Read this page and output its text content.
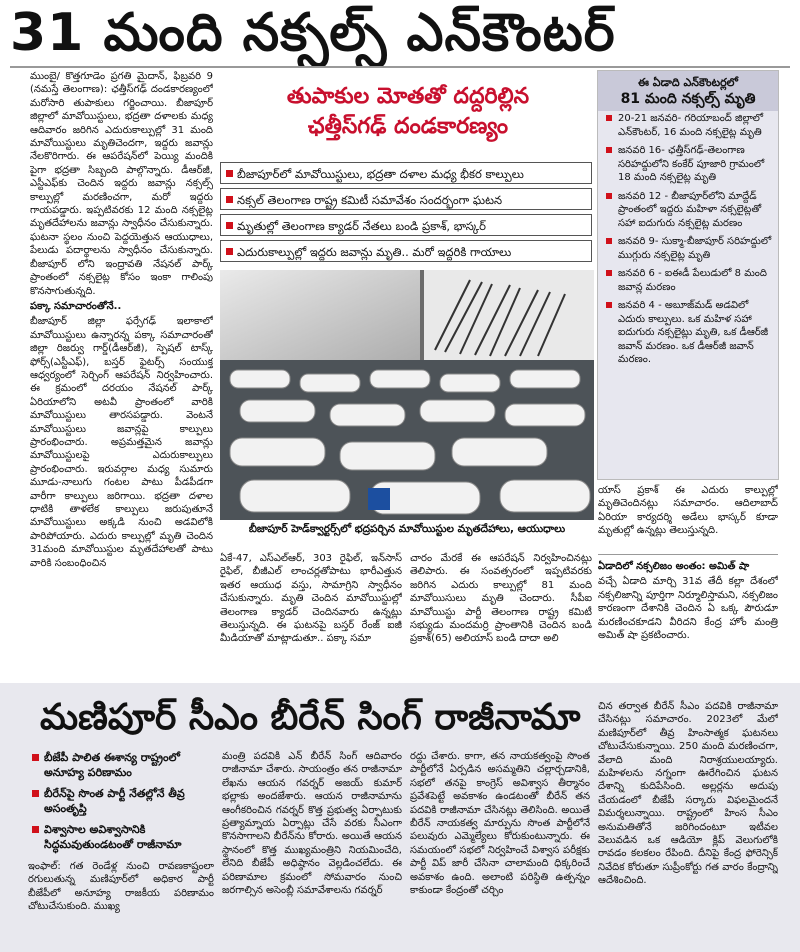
31 మంది నక్సల్స్ ఎన్‌కౌంటర్

ముంబై/ కొత్తగూడెం ప్రగతి మైదాన్, ఫిబ్రవరి 9 (నమస్తే తెలంగాణ): ఛత్తీస్‌గఢ్ దండకారణ్యంలో మరోసారి తుపాకులు గర్జించాయి. బీజాపూర్ జిల్లాలో మావోయిస్టులు, భద్రతా దళాలకు మధ్య ఆదివారం జరిగిన ఎదురుకాల్పుల్లో 31 మంది మావోయిస్టులు మృతిచెందగా, ఇద్దరు జవాన్లు నేలకొరిగారు. ఈ ఆపరేషన్‌లో పెయ్యి మందికి పైగా భద్రతా సిబ్బంది పాల్గొన్నారు. డీఆర్‌జీ, ఎస్టీఎఫ్‌కు చెందిన ఇద్దరు జవాన్లు నక్సల్స్ కాల్పుల్లో మరణించగా, మరో ఇద్దరు గాయపడ్డారు. ఇప్పటివరకు 12 మంది నక్సలైట్ల మృతదేహాలను జవాన్లు స్వాధీనం చేసుకున్నారు. ఘటనా స్థలం నుంచి పెద్దయెత్తున ఆయుధాలు, పేలుడు పదార్థాలను స్వాధీనం చేసుకున్నారు. బీజాపూర్ లోని ఇంద్రావతి నేషనల్ పార్క్ ప్రాంతంలో నక్సలైట్ల కోసం ఇంకా గాలింపు కొనసాగుతున్నది.

పక్కా సమాచారంతోనే..

బీజాపూర్ జిల్లా ఫర్సేగఢ్ ఇలాకాలో మావోయిస్టులు ఉన్నారన్న పక్కా సమాచారంతో జిల్లా రిజర్వు గార్డ్(డీఆర్‌జీ), స్పెషల్ టాస్క్ ఫోర్స్(ఎస్టీఎఫ్), బస్తర్ ఫైటర్స్ సంయుక్త ఆధ్వర్యంలో సెర్చింగ్ ఆపరేషన్ నిర్వహించారు. ఈ క్రమంలో దరయం నేషనల్ పార్క్ ఏరియాలోని అటవీ ప్రాంతంలో వారికి మావోయిస్టులు తారసపడ్డారు. వెంటనే మావోయిస్టులు జవాన్లపై కాల్పులు ప్రారంభించారు. అప్రమత్తమైన జవాన్లు మావోయిస్టులపై ఎదురుకాల్పులు ప్రారంభించారు. ఇరువర్గాల మధ్య సుమారు మూడు-నాలుగు గంటల పాటు పీడపీడగా వారీగా కాల్పులు జరిగాయి. భద్రతా దళాల ధాటికి తాళలేక కాల్పులు జరుపుతూనే మావోయిస్టులు అక్కడి నుంచి అడవిలోకి పారిపోయారు. ఎదురు కాల్పుల్లో మృతి చెందిన 31మంది మావోయిస్టుల మృతదేహాలతో పాటు వారికి సంబంధించిన

తుపాకుల మోతతో దద్దరిల్లిన
ఛత్తీస్‌గఢ్ దండకారణ్యం
బీజాపూర్‌లో మావోయిస్టులు, భద్రతా దళాల మధ్య భీకర కాల్పులు
నక్సల్ తెలంగాణ రాష్ట్ర కమిటీ సమావేశం సందర్భంగా ఘటన
మృతుల్లో తెలంగాణ క్యాడర్ నేతలు బండి ప్రకాశ్, భాస్కర్
ఎదురుకాల్పుల్లో ఇద్దరు జవాన్లు మృతి.. మరో ఇద్దరికి గాయాలు
బీజాపూర్ హెడ్‌క్వార్టర్స్‌లో భద్రపర్చిన మావోయిస్టుల మృతదేహాలు, ఆయుధాలు
ఈ ఏడాది ఎన్‌కౌంటర్లలో
81 మంది నక్సల్స్ మృతి
20-21 జనవరి- గరియాబంద్ జిల్లాలో ఎన్‌కౌంటర్, 16 మంది నక్సలైట్ల మృతి
జనవరి 16- ఛత్తీస్‌గఢ్-తెలంగాణ సరిహద్దులోని కంకేర్ పూజారి గ్రామంలో 18 మంది నక్సలైట్ల మృతి
జనవరి 12 - బీజాపూర్‌లోని మాద్దేడ్ ప్రాంతంలో ఇద్దరు మహిళా నక్సలైట్లతో సహా ఐదుగురు నక్సలైట్ల మరణం
జనవరి 9- సుక్మా-బీజాపూర్ సరిహద్దులో ముగ్గురు నక్సలైట్ల మృతి
జనవరి 6 - ఐఈడీ పేలుడులో 8 మంది జవాన్ల మరణం
జనవరి 4 - అబూజ్‌మడ్ అడవిలో ఎదురు కాల్పులు. ఒక మహిళ సహా ఐదుగురు నక్సలైట్లు మృతి, ఒక డీఆర్‌జీ జవాన్ మరణం. ఒక డీఆర్‌జీ జవాన్ మరణం.
యాస్ ప్రకాశ్ ఈ ఎదురు కాల్పుల్లో మృతిచెందినట్లు సమాచారం. ఆదిలాబాద్ ఏరియా కార్యదర్శి అడేలు భాస్కర్ కూడా మృతుల్లో ఉన్నట్లు తెలుస్తున్నది.

ఏడాదిలో నక్సలిజం అంతం: అమిత్ షా

వచ్చే ఏడాది మార్చి 31వ తేదీ కల్లా దేశంలో నక్సలిజాన్ని పూర్తిగా నిర్మూలిస్తామని, నక్సలిజం కారణంగా దేశానికి చెందిన ఏ ఒక్క పౌరుడూ మరణించకూడని వీరిదని కేంద్ర హోం మంత్రి అమిత్ షా ప్రకటించారు.

ఏకే-47, ఎస్ఎల్ఆర్, 303 రైఫిల్, ఇన్‌సాస్ రైఫిల్, బీజీఎల్ లాంచర్లతోపాటు భారీఎత్తున ఇతర ఆయుధ వస్తు, సామాగ్రిని స్వాధీనం చేసుకున్నారు. మృతి చెందిన మావోయిస్టుల్లో తెలంగాణ క్యాడర్ చెందినవారు ఉన్నట్లు తెలుస్తున్నది. ఈ ఘటనపై బస్తర్ రేంజ్ ఐజీ మీడియాతో మాట్లాడుతూ.. పక్కా సమా
చారం మేరకే ఈ ఆపరేషన్ నిర్వహించినట్లు తెలిపారు. ఈ సంవత్సరంలో ఇప్పటివరకు జరిగిన ఎదురు కాల్పుల్లో 81 మంది మావోయిసులు మృతి చెందారు. సీపీఐ మావోయిస్టు పార్టీ తెలంగాణ రాష్ట్ర కమిటీ సభ్యుడు మందమర్రి ప్రాంతానికి చెందిన బండి ప్రకాశ్(65) అలియాస్ బండి దాదా అలి
మణిపూర్ సీఎం బీరేన్ సింగ్ రాజీనామా
బీజేపీ పాలిత ఈశాన్య రాష్ట్రంలో అనూహ్య పరిణామం
బీరేన్‌పై సొంత పార్టీ నేతల్లోనే తీవ్ర అసంతృప్తి
విశ్వాసాల అవిశ్వాసానికి సిద్ధమవుతుండటంతో రాజీనామా
ఇంఫాల్: గత రెండేళ్ల నుంచి రావణకాష్టంలా రగులుతున్న మణిపూర్‌లో అధికార పార్టీ బీజేపీలో అనూహ్య రాజకీయ పరిణామం చోటుచేసుకుంది. ముఖ్య
మంత్రి పదవికి ఎన్ బీరేన్ సింగ్ ఆదివారం రాజీనామా చేశారు. సాయంత్రం తన రాజీనామా లేఖను ఆయన గవర్నర్ అజయ్ కుమార్ భల్లాకు అందజేశారు. ఆయన రాజీనామాను ఆంగీకరించిన గవర్నర్ కొత్త ప్రభుత్వ ఏర్పాటుకు ప్రత్యామ్నాయ ఏర్పాట్లు చేసే వరకు సీఎంగా కొనసాగాలని బీరేన్‌ను కోరారు. అయితే ఆయన స్థానంలో కొత్త ముఖ్యమంత్రిని నియమించేది, లేనిది బీజేపీ అధిష్ఠానం వెల్లడించలేదు. ఈ పరిణామాల క్రమంలో సోమవారం నుంచి జరగాల్సిన అసెంబ్లీ సమావేశాలను గవర్నర్
రద్దు చేశారు. కాగా, తన నాయకత్వంపై సొంత పార్టీలోనే ఏర్పడిన అసమ్మతిని చల్లార్చడానికి, సభలో తనపై కాంగ్రెస్ అవిశ్వాస తీర్మానం ప్రవేశపెట్టే అవకాశం ఉండటంతో బీరేన్ తన పదవికి రాజీనామా చేసినట్లు తెలిసింది. అయితే బీరేన్ నాయకత్వ మార్పును సొంత పార్టీలోనే పలువురు ఎమ్మెల్యేలు కోరుకుంటున్నారు. ఈ సమయంలో సభలో నిర్వహించే విశ్వాస పరీక్షకు పార్టీ విప్ జారీ చేసినా చాలామంది ధిక్కరించే అవకాశం ఉంది. అలాంటి పరిస్థితి ఉత్పన్నం కాకుండా కేంద్రంతో చర్చిం
చిన తర్వాత బీరేన్ సీఎం పదవికి రాజీనామా చేసినట్లు సమాచారం. 2023లో మేలో మణిపూర్‌లో తీవ్ర హింసాత్మక ఘటనలు చోటుచేసుకున్నాయి. 250 మంది మరణించగా, వేలాది మంది నిరాశ్రయులయ్యారు. మహిళలను నగ్నంగా ఊరేగించిన ఘటన దేశాన్ని కుదిపేసింది. అల్లర్లను అదుపు చేయడంలో బీజేపీ సర్కారు విఫలమైందనే విమర్శలున్నాయి. రాష్ట్రంలో హింస సీఎం అనుమతితోనే జరిగిందంటూ ఇటీవల వెలువడిన ఒక ఆడియో క్లిప్ వెలుగులోకి రావడం కలకలం రేపింది. దీనిపై కేంద్ర ఫోరెన్సిక్ నివేదిక కోరుతూ సుప్రీంకోర్టు గత వారం కేంద్రాన్ని ఆదేశించింది.
